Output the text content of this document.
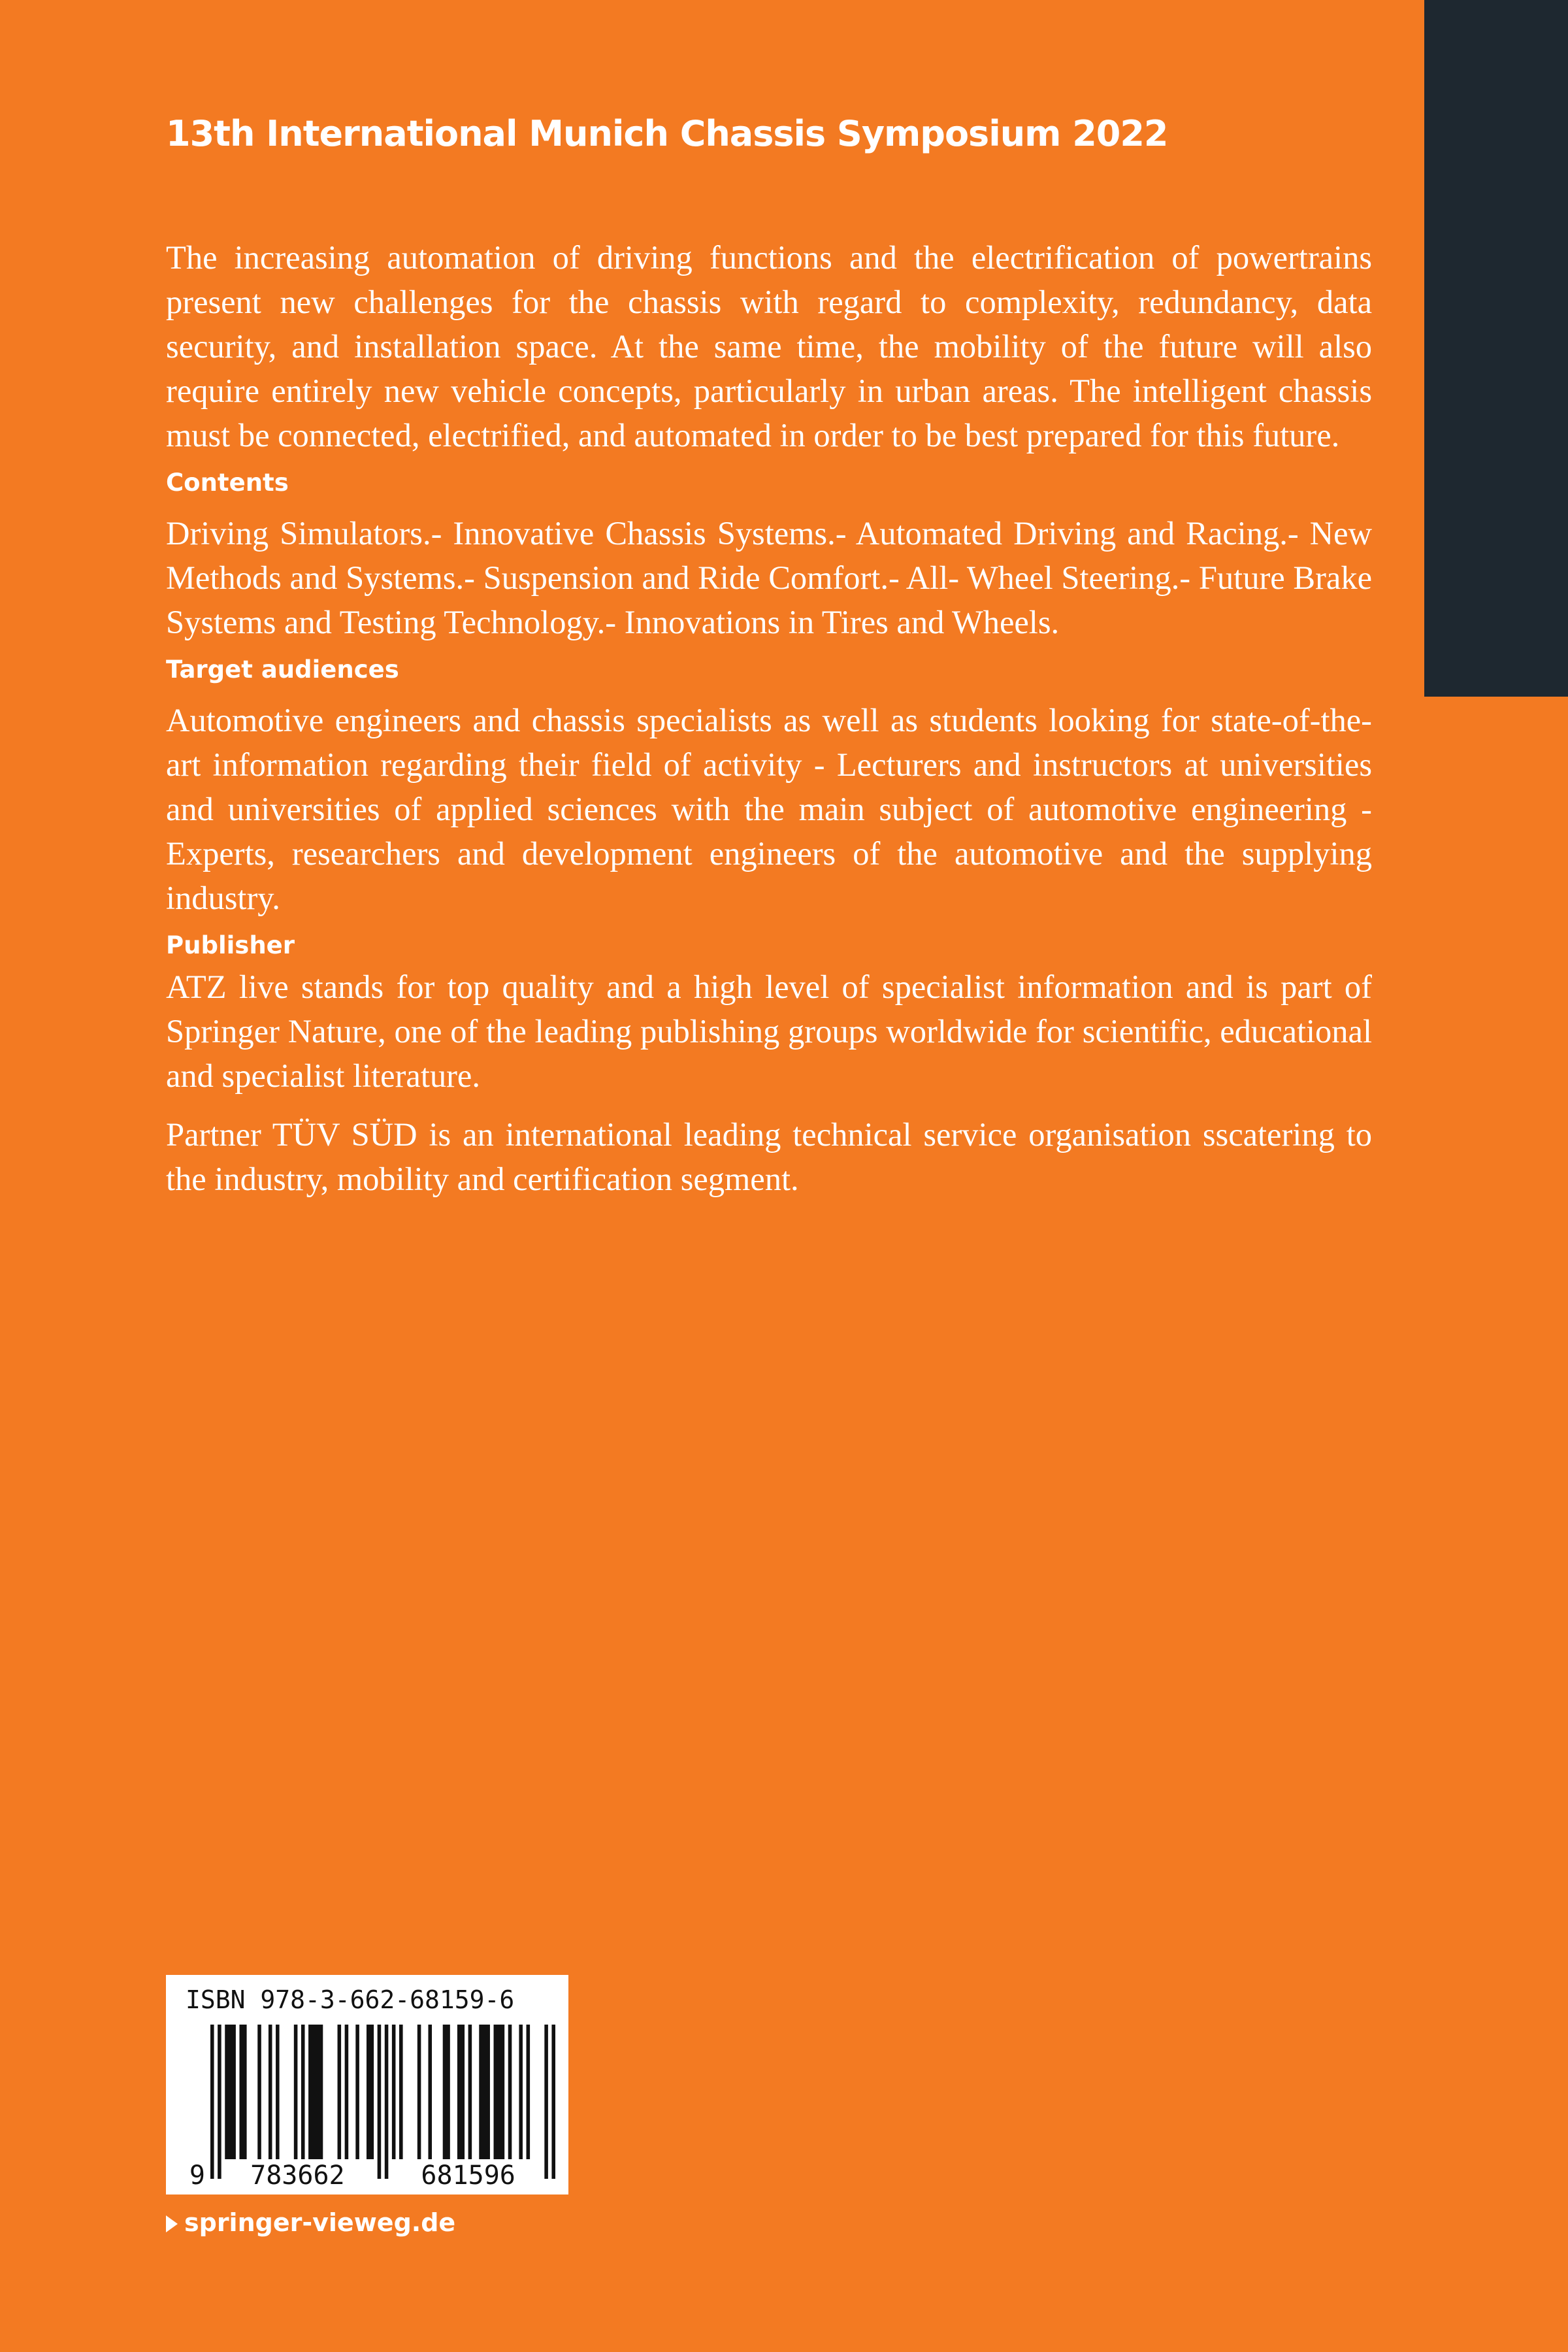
13th International Munich Chassis Symposium 2022

The increasing automation of driving functions and the electrification of powertrains present new challenges for the chassis with regard to complexity, redundancy, data security, and installation space. At the same time, the mobility of the future will also require entirely new vehicle concepts, particularly in urban areas. The intelligent chassis must be connected, electrified, and automated in order to be best prepared for this future.

Contents

Driving Simulators.- Innovative Chassis Systems.- Automated Driving and Racing.- New Methods and Systems.- Suspension and Ride Comfort.- All- Wheel Steering.- Future Brake Systems and Testing Technology.- Innovations in Tires and Wheels.

Target audiences

Automotive engineers and chassis specialists as well as students looking for state-of-the-art information regarding their field of activity - Lecturers and instructors at universities and universities of applied sciences with the main subject of automotive engineering - Experts, researchers and development engineers of the automotive and the supplying industry.

Publisher

ATZ live stands for top quality and a high level of specialist information and is part of Springer Nature, one of the leading publishing groups worldwide for scientific, educational and specialist literature.

Partner TÜV SÜD is an international leading technical service organisation sscatering to the industry, mobility and certification segment.

ISBN 978-3-662-68159-6
9 783662	681596
springer-vieweg.de
